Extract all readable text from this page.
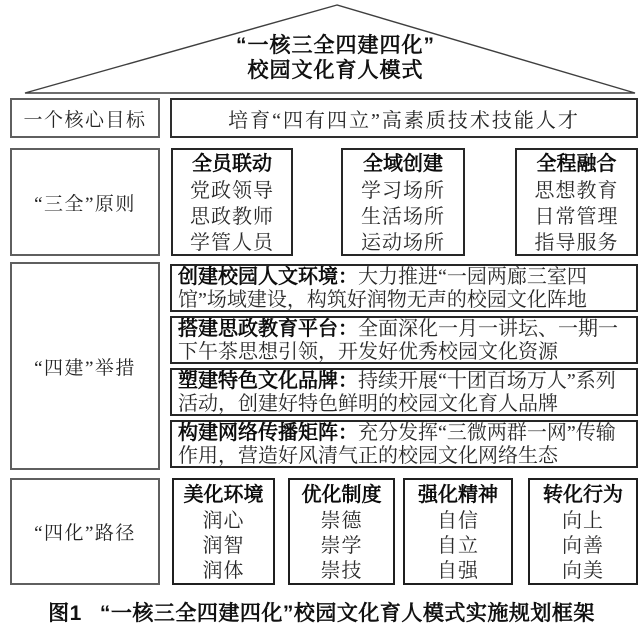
“一核三全四建四化”
校园文化育人模式
一个核心目标	培育“四有四立”高素质技术技能人才
“三全”原则
全员联动
党政领导
思政教师
学管人员
全域创建
学习场所
生活场所
运动场所
全程融合
思想教育
日常管理
指导服务
“四建”举措
创建校园人文环境：大力推进“一园两廊三室四馆”场域建设，构筑好润物无声的校园文化阵地
搭建思政教育平台：全面深化一月一讲坛、一期一下午茶思想引领，开发好优秀校园文化资源
塑建特色文化品牌：持续开展“十团百场万人”系列活动，创建好特色鲜明的校园文化育人品牌
构建网络传播矩阵：充分发挥“三微两群一网”传输作用，营造好风清气正的校园文化网络生态
“四化”路径
美化环境
润心
润智
润体
优化制度
崇德
崇学
崇技
强化精神
自信
自立
自强
转化行为
向上
向善
向美
图1 “一核三全四建四化”校园文化育人模式实施规划框架
